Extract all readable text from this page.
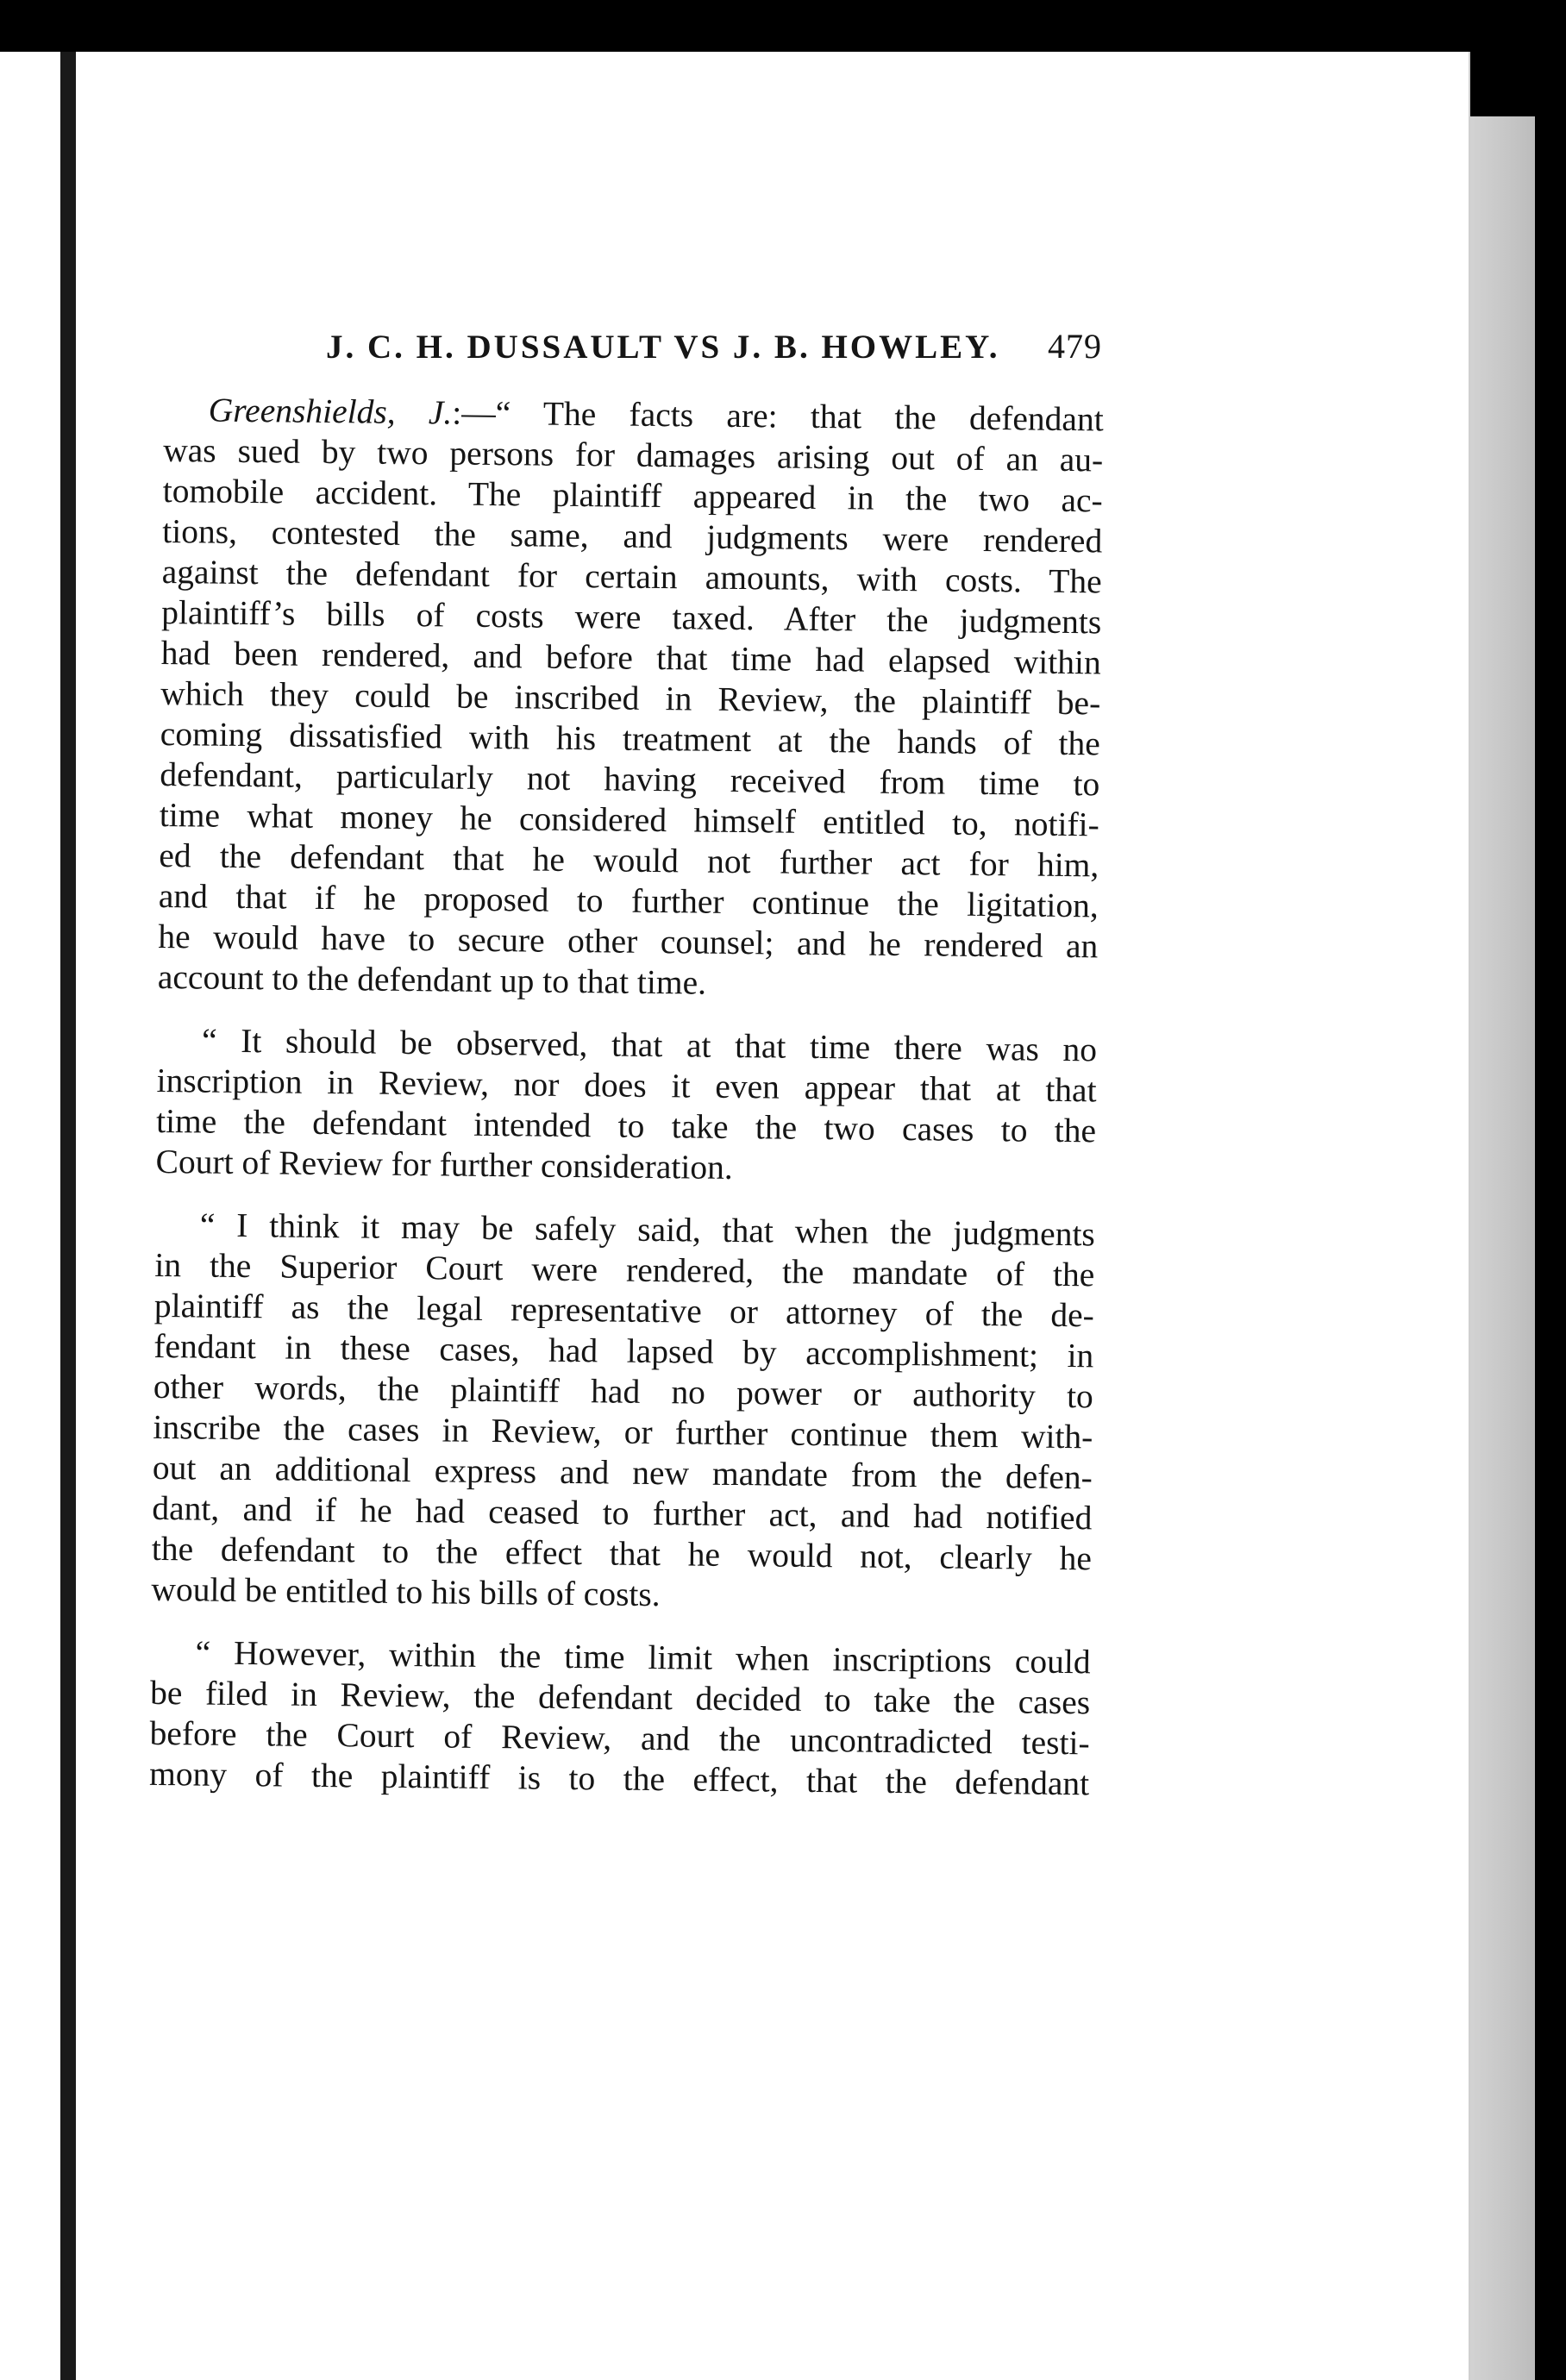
J. C. H. DUSSAULT VS J. B. HOWLEY. 479
Greenshields, J.:—“ The facts are: that the defendant
was sued by two persons for damages arising out of an au-
tomobile accident. The plaintiff appeared in the two ac-
tions, contested the same, and judgments were rendered
against the defendant for certain amounts, with costs. The
plaintiff’s bills of costs were taxed. After the judgments
had been rendered, and before that time had elapsed within
which they could be inscribed in Review, the plaintiff be-
coming dissatisfied with his treatment at the hands of the
defendant, particularly not having received from time to
time what money he considered himself entitled to, notifi-
ed the defendant that he would not further act for him,
and that if he proposed to further continue the ligitation,
he would have to secure other counsel; and he rendered an
account to the defendant up to that time.
“ It should be observed, that at that time there was no
inscription in Review, nor does it even appear that at that
time the defendant intended to take the two cases to the
Court of Review for further consideration.
“ I think it may be safely said, that when the judgments
in the Superior Court were rendered, the mandate of the
plaintiff as the legal representative or attorney of the de-
fendant in these cases, had lapsed by accomplishment; in
other words, the plaintiff had no power or authority to
inscribe the cases in Review, or further continue them with-
out an additional express and new mandate from the defen-
dant, and if he had ceased to further act, and had notified
the defendant to the effect that he would not, clearly he
would be entitled to his bills of costs.
“ However, within the time limit when inscriptions could
be filed in Review, the defendant decided to take the cases
before the Court of Review, and the uncontradicted testi-
mony of the plaintiff is to the effect, that the defendant
